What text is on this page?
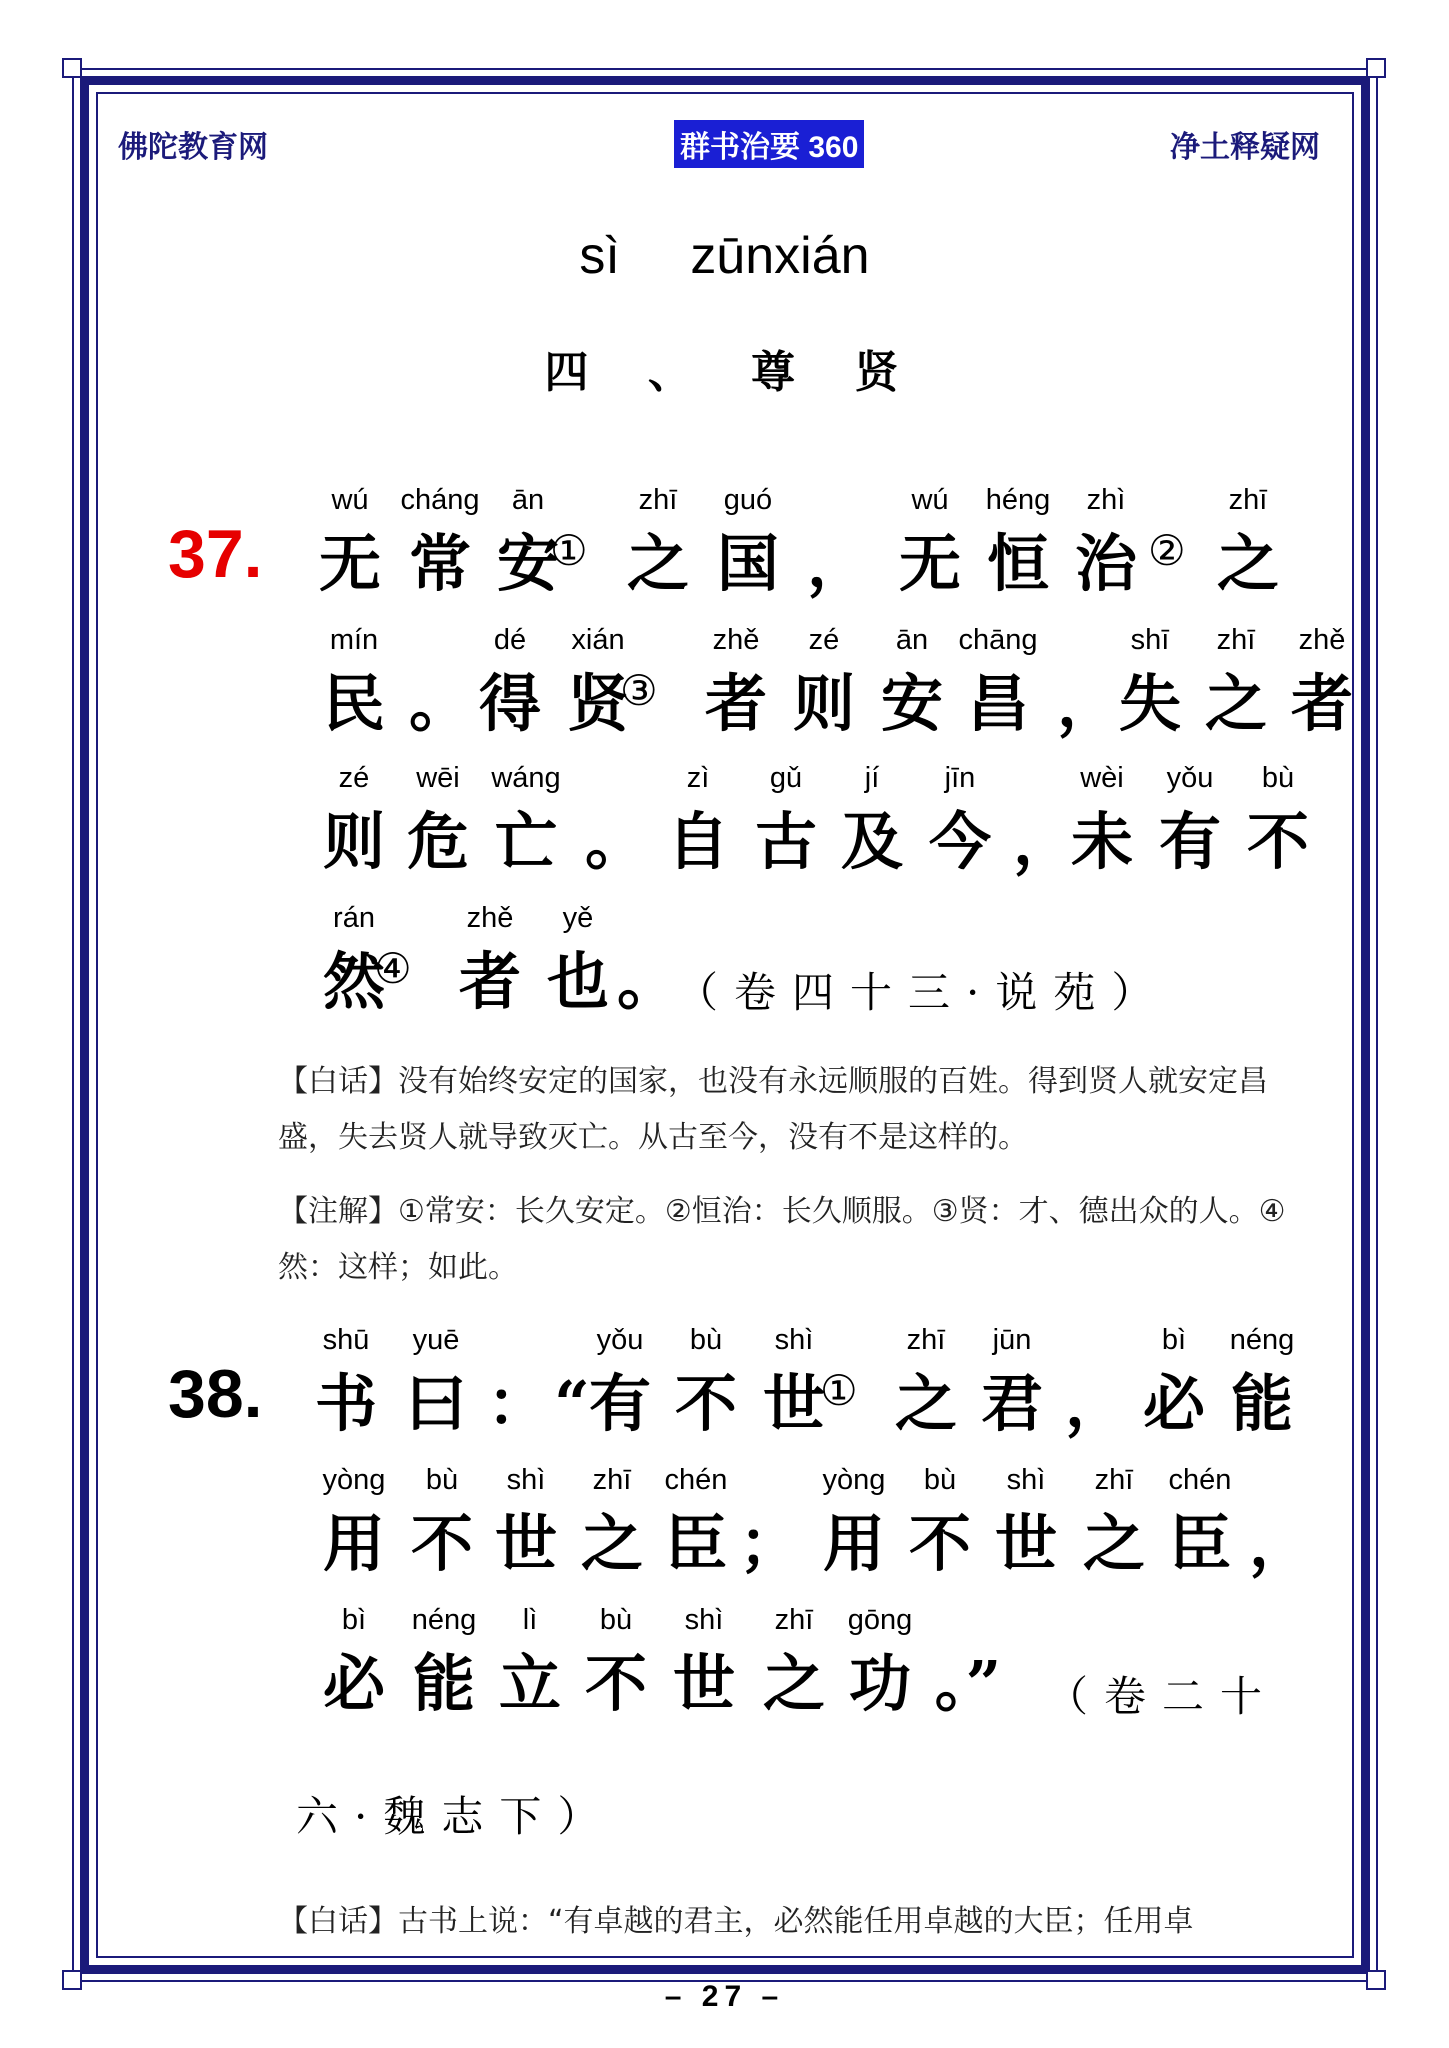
佛陀教育网	群书治要 360	净土释疑网
sì zūnxián
四 、 尊 贤
37.
wú
无
cháng
常
ān
安
①
zhī
之
guó
国 ，
wú
无
héng
恒
zhì
治 ②
zhī
之
mín
民 。
dé
得
xián
贤
③
zhě
者
zé
则
ān
安
chāng
昌 ，
shī
失
zhī
之
zhě
者
zé
则
wēi
危
wáng
亡 。
zì
自
gǔ
古
jí
及
jīn
今 ，
wèi
未
yǒu
有
bù
不
rán
然
④
zhě
者
yě
也 。
（卷四十三·说苑）
【白话】没有始终安定的国家，也没有永远顺服的百姓。得到贤人就安定昌盛，失去贤人就导致灭亡。从古至今，没有不是这样的。
【注解】①常安：长久安定。②恒治：长久顺服。③贤：才、德出众的人。④然：这样；如此。
38.
shū
书
yuē
曰 ： “
yǒu
有
bù
不
shì
世
①
zhī
之
jūn
君 ，
bì
必
néng
能
yòng
用
bù
不
shì
世
zhī
之
chén
臣 ；
yòng
用
bù
不
shì
世
zhī
之
chén
臣 ，
bì
必
néng
能
lì
立
bù
不
shì
世
zhī
之
gōng
功 。”	（卷二十
六·魏志下）
【白话】古书上说：“有卓越的君主，必然能任用卓越的大臣；任用卓
– 27 –
